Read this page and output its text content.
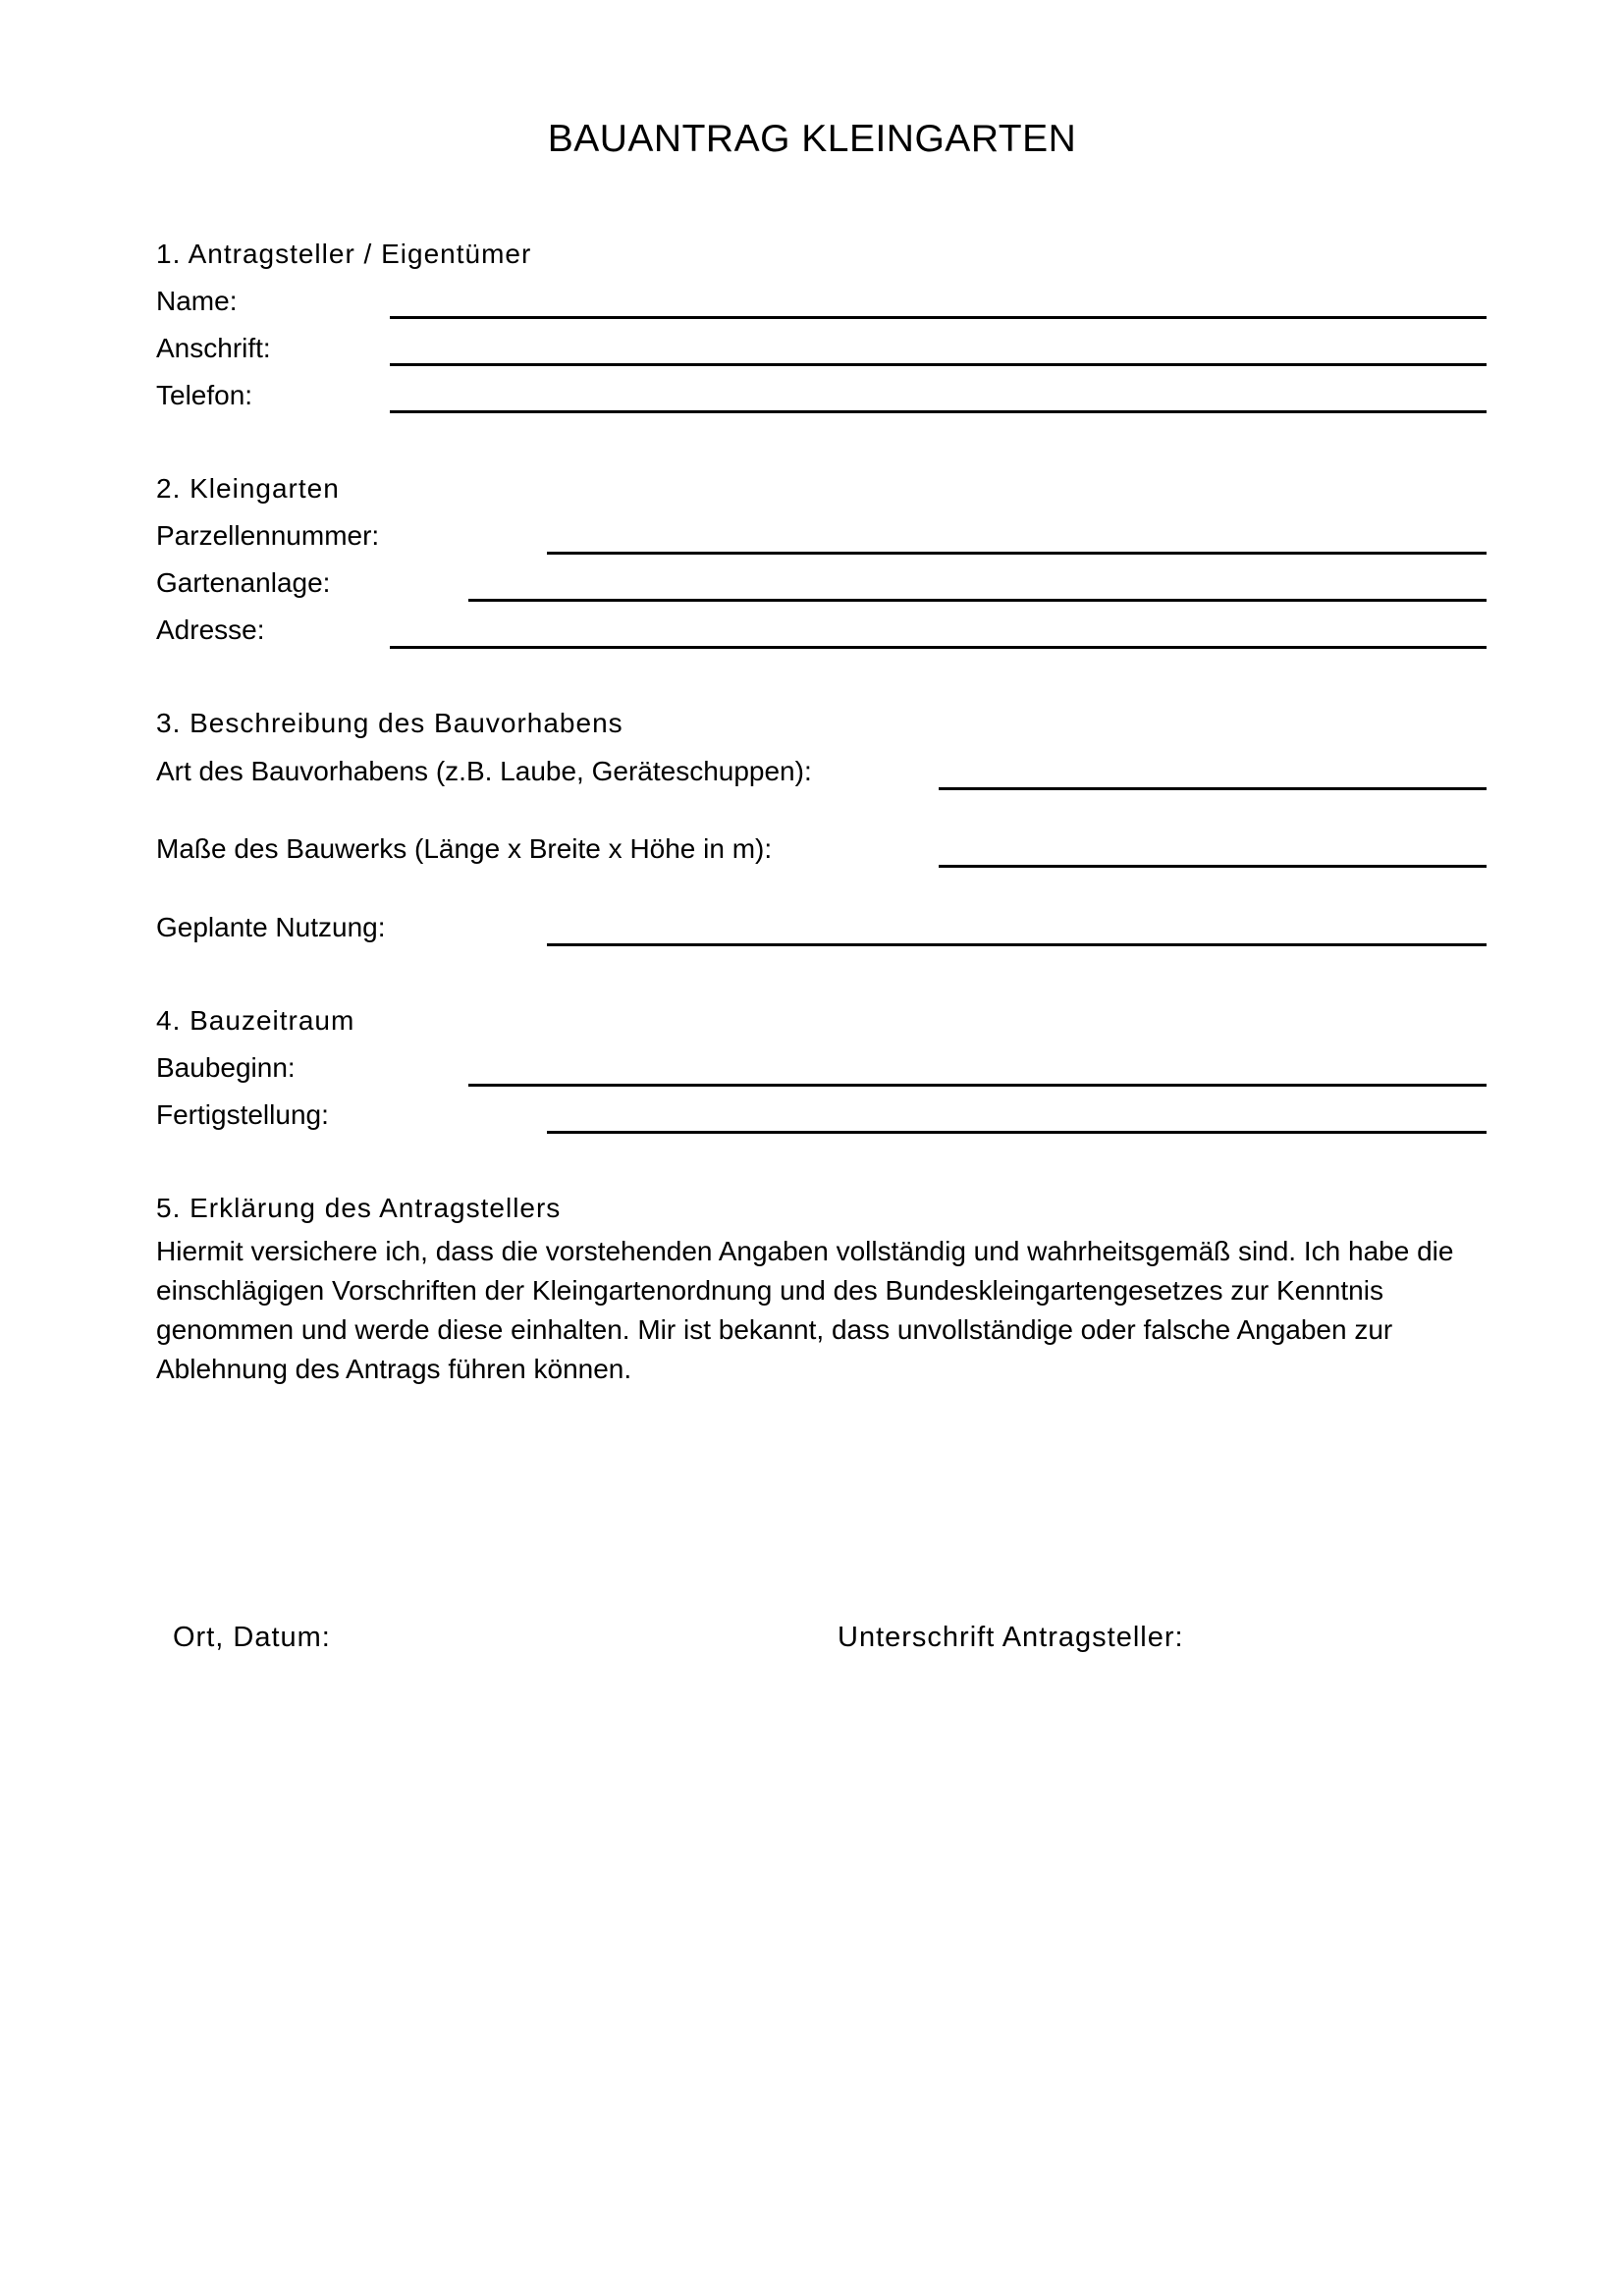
BAUANTRAG KLEINGARTEN
1. Antragsteller / Eigentümer
Name:
Anschrift:
Telefon:
2. Kleingarten
Parzellennummer:
Gartenanlage:
Adresse:
3. Beschreibung des Bauvorhabens
Art des Bauvorhabens (z.B. Laube, Geräteschuppen):
Maße des Bauwerks (Länge x Breite x Höhe in m):
Geplante Nutzung:
4. Bauzeitraum
Baubeginn:
Fertigstellung:
5. Erklärung des Antragstellers
Hiermit versichere ich, dass die vorstehenden Angaben vollständig und wahrheitsgemäß sind. Ich habe die einschlägigen Vorschriften der Kleingartenordnung und des Bundeskleingartengesetzes zur Kenntnis genommen und werde diese einhalten. Mir ist bekannt, dass unvollständige oder falsche Angaben zur Ablehnung des Antrags führen können.
Ort, Datum:	Unterschrift Antragsteller:
